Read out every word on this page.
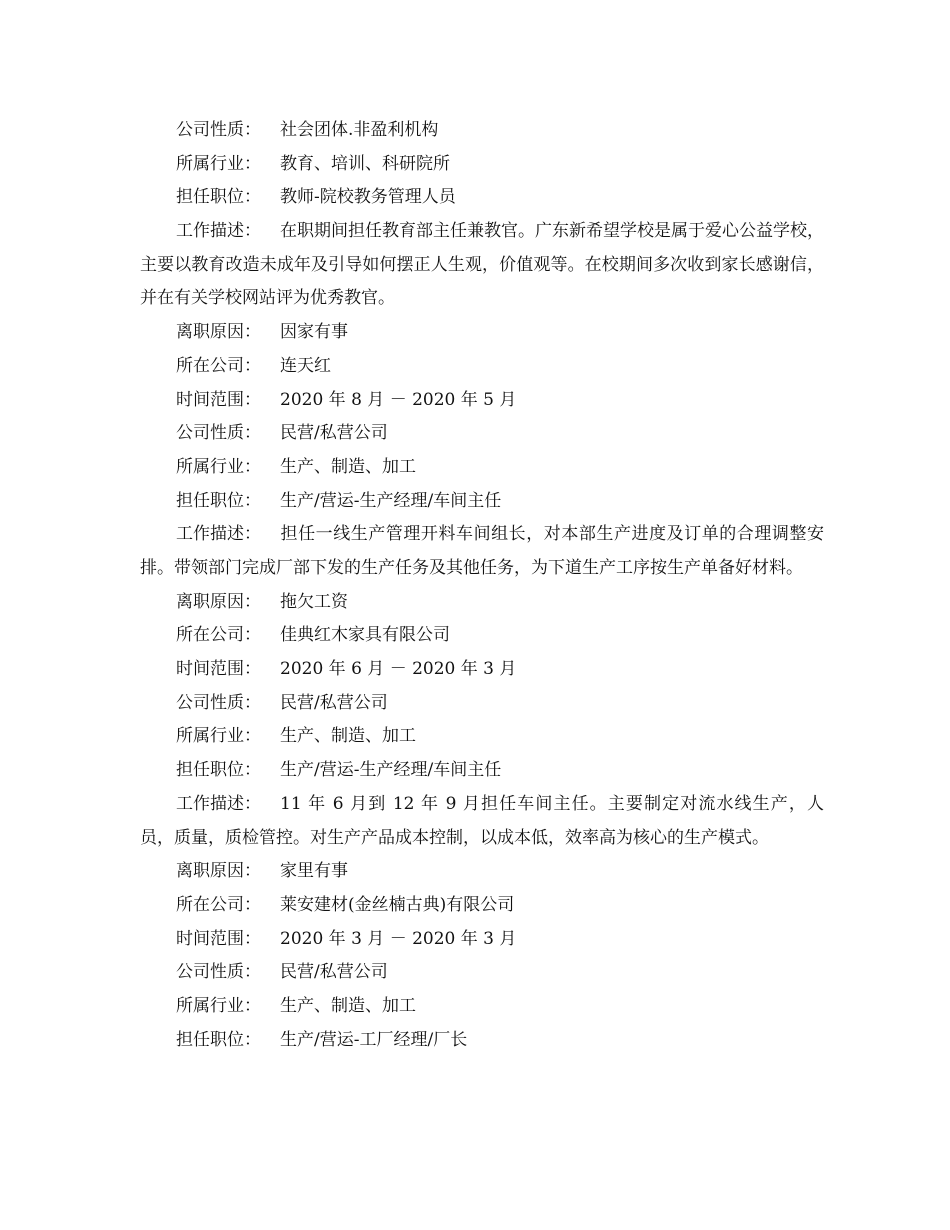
公司性质：	社会团体.非盈利机构
所属行业：	教育、培训、科研院所
担任职位：	教师-院校教务管理人员
工作描述： 在职期间担任教育部主任兼教官。广东新希望学校是属于爱心公益学校，主要以教育改造未成年及引导如何摆正人生观，价值观等。在校期间多次收到家长感谢信，并在有关学校网站评为优秀教官。
离职原因：	因家有事
所在公司：	连天红
时间范围：	2020 年 8 月 － 2020 年 5 月
公司性质：	民营/私营公司
所属行业：	生产、制造、加工
担任职位：	生产/营运-生产经理/车间主任
工作描述： 担任一线生产管理开料车间组长，对本部生产进度及订单的合理调整安排。带领部门完成厂部下发的生产任务及其他任务，为下道生产工序按生产单备好材料。
离职原因：	拖欠工资
所在公司：	佳典红木家具有限公司
时间范围：	2020 年 6 月 － 2020 年 3 月
公司性质：	民营/私营公司
所属行业：	生产、制造、加工
担任职位：	生产/营运-生产经理/车间主任
工作描述： 11 年 6 月到 12 年 9 月担任车间主任。主要制定对流水线生产，人员，质量，质检管控。对生产产品成本控制，以成本低，效率高为核心的生产模式。
离职原因：	家里有事
所在公司：	莱安建材(金丝楠古典)有限公司
时间范围：	2020 年 3 月 － 2020 年 3 月
公司性质：	民营/私营公司
所属行业：	生产、制造、加工
担任职位：	生产/营运-工厂经理/厂长
